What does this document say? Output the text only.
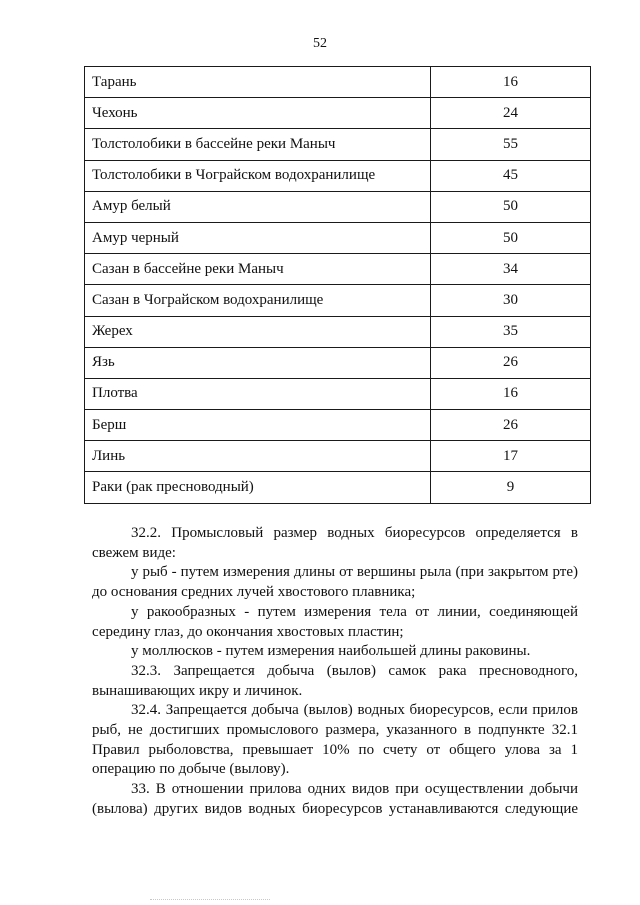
52
Тарань	16
Чехонь	24
Толстолобики в бассейне реки Маныч	55
Толстолобики в Чограйском водохранилище	45
Амур белый	50
Амур черный	50
Сазан в бассейне реки Маныч	34
Сазан в Чограйском водохранилище	30
Жерех	35
Язь	26
Плотва	16
Берш	26
Линь	17
Раки (рак пресноводный)	9

32.2. Промысловый размер водных биоресурсов определяется в свежем виде:

у рыб - путем измерения длины от вершины рыла (при закрытом рте) до основания средних лучей хвостового плавника;

у ракообразных - путем измерения тела от линии, соединяющей середину глаз, до окончания хвостовых пластин;

у моллюсков - путем измерения наибольшей длины раковины.

32.3. Запрещается добыча (вылов) самок рака пресноводного, вынашивающих икру и личинок.

32.4. Запрещается добыча (вылов) водных биоресурсов, если прилов рыб, не достигших промыслового размера, указанного в подпункте 32.1 Правил рыболовства, превышает 10% по счету от общего улова за 1 операцию по добыче (вылову).

33. В отношении прилова одних видов при осуществлении добычи (вылова) других видов водных биоресурсов устанавливаются следующие
